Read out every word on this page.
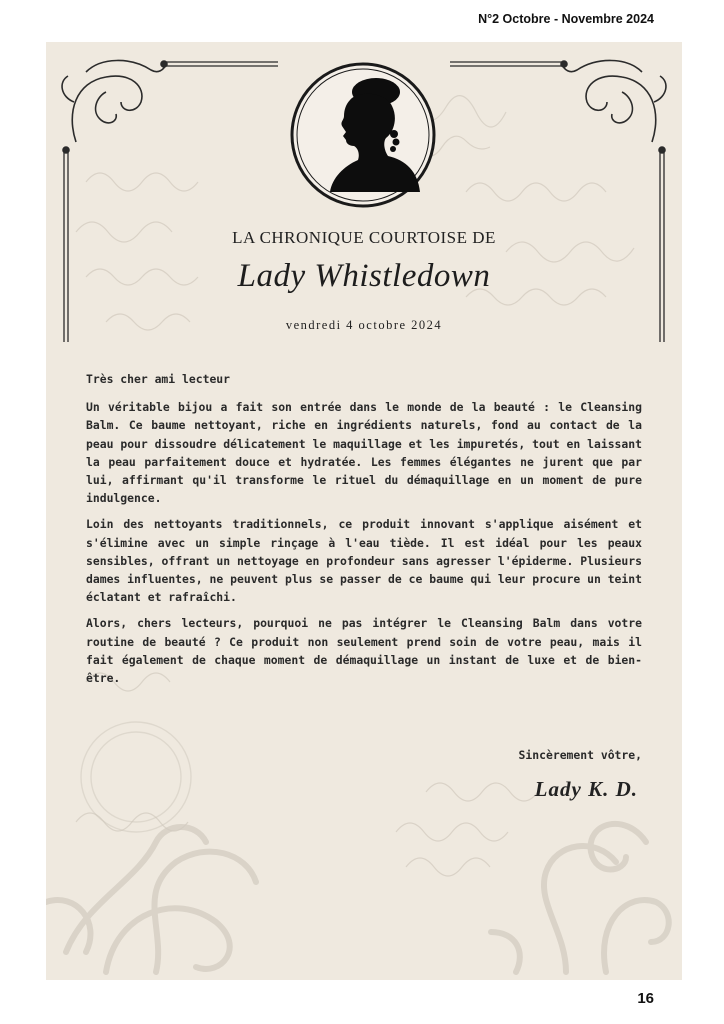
N°2 Octobre - Novembre 2024
LA CHRONIQUE COURTOISE DE
Lady Whistledown
vendredi 4 octobre 2024

Très cher ami lecteur

Un véritable bijou a fait son entrée dans le monde de la beauté : le Cleansing Balm. Ce baume nettoyant, riche en ingrédients naturels, fond au contact de la peau pour dissoudre délicatement le maquillage et les impuretés, tout en laissant la peau parfaitement douce et hydratée. Les femmes élégantes ne jurent que par lui, affirmant qu'il transforme le rituel du démaquillage en un moment de pure indulgence.

Loin des nettoyants traditionnels, ce produit innovant s'applique aisément et s'élimine avec un simple rinçage à l'eau tiède. Il est idéal pour les peaux sensibles, offrant un nettoyage en profondeur sans agresser l'épiderme. Plusieurs dames influentes, ne peuvent plus se passer de ce baume qui leur procure un teint éclatant et rafraîchi.

Alors, chers lecteurs, pourquoi ne pas intégrer le Cleansing Balm dans votre routine de beauté ? Ce produit non seulement prend soin de votre peau, mais il fait également de chaque moment de démaquillage un instant de luxe et de bien-être.

Sincèrement vôtre,
Lady K. D.
16
